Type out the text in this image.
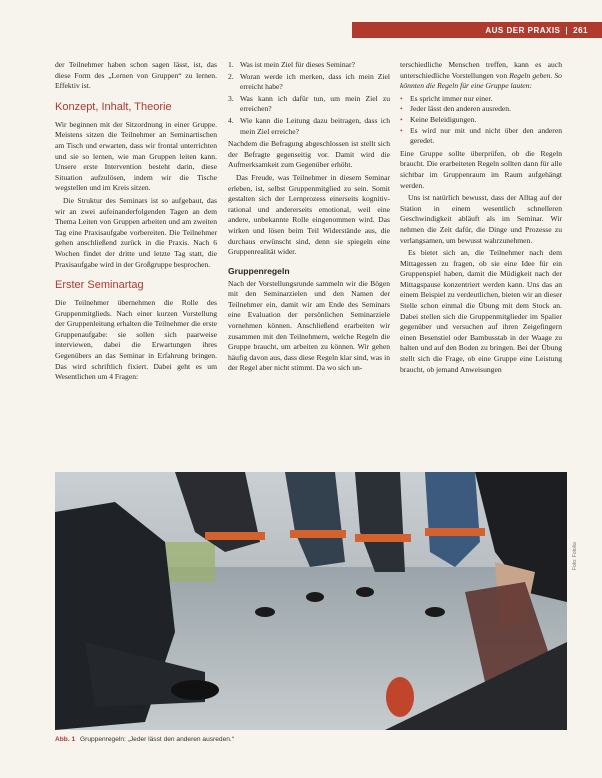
AUS DER PRAXIS | 261

der Teilnehmer haben schon sagen lässt, ist, das diese Form des „Lernen von Gruppen“ zu lernen. Effektiv ist.

Konzept, Inhalt, Theorie

Wir beginnen mit der Sitzordnung in einer Gruppe. Meistens sitzen die Teilnehmer an Seminartischen am Tisch und erwarten, dass wir frontal unterrichten und sie so lernen, wie man Gruppen leiten kann. Unsere erste Intervention besteht darin, diese Situation aufzulösen, indem wir die Tische wegstellen und im Kreis sitzen.

Die Struktur des Seminars ist so aufgebaut, das wir an zwei aufeinanderfolgenden Tagen an dem Thema Leiten von Gruppen arbeiten und am zweiten Tag eine Praxisaufgabe vorbereiten. Die Teilnehmer gehen anschließend zurück in die Praxis. Nach 6 Wochen findet der dritte und letzte Tag statt, die Praxisaufgabe wird in der Großgruppe besprochen.

Erster Seminartag

Die Teilnehmer übernehmen die Rolle des Gruppenmitglieds. Nach einer kurzen Vorstellung der Gruppenleitung erhalten die Teilnehmer die erste Gruppenaufgabe: sie sollen sich paarweise interviewen, dabei die Erwartungen ihres Gegenübers an das Seminar in Erfahrung bringen. Das wird schriftlich fixiert. Dabei geht es um Wesentlichen um 4 Fragen:

1. Was ist mein Ziel für dieses Seminar?
2. Woran werde ich merken, dass ich mein Ziel erreicht habe?
3. Was kann ich dafür tun, um mein Ziel zu erreichen?
4. Wie kann die Leitung dazu beitragen, dass ich mein Ziel erreiche?

Nachdem die Befragung abgeschlossen ist stellt sich der Befragte gegenseitig vor. Damit wird die Aufmerksamkeit zum Gegenüber erhöht.

Das Freude, was Teilnehmer in diesem Seminar erleben, ist, selbst Gruppenmitglied zu sein. Somit gestalten sich der Lernprozess einerseits kognitiv-rational und andererseits emotional, weil eine andere, unbekannte Rolle eingenommen wird. Das wirken und lösen beim Teil Widerstände aus, die durchaus erwünscht sind, denn sie spiegeln eine Gruppenrealität wider.

Gruppenregeln

Nach der Vorstellungsrunde sammeln wir die Bögen mit den Seminarzielen und den Namen der Teilnehmer ein, damit wir am Ende des Seminars eine Evaluation der persönlichen Seminarziele vornehmen können. Anschließend erarbeiten wir zusammen mit den Teilnehmern, welche Regeln die Gruppe braucht, um arbeiten zu können. Wir gehen häufig davon aus, dass diese Regeln klar sind, was in der Regel aber nicht stimmt. Da wo sich un-

terschiedliche Menschen treffen, kann es auch unterschiedliche Vorstellungen von Regeln geben. So könnten die Regeln für eine Gruppe lauten:

• Es spricht immer nur einer.
• Jeder lässt den anderen ausreden.
• Keine Beleidigungen.
• Es wird nur mit und nicht über den anderen geredet.

Eine Gruppe sollte überprüfen, ob die Regeln braucht. Die erarbeiteten Regeln sollten dann für alle sichtbar im Gruppenraum im Raum aufgehängt werden.

Uns ist natürlich bewusst, dass der Alltag auf der Station in einem wesentlich schnelleren Geschwindigkeit abläuft als im Seminar. Wir nehmen die Zeit dafür, die Dinge und Prozesse zu verlangsamen, um bewusst wahrzunehmen.

Es bietet sich an, die Teilnehmer nach dem Mittagessen zu fragen, ob sie eine Idee für ein Gruppenspiel haben, damit die Müdigkeit nach der Mittagspause konzentriert werden kann. Uns das an einem Beispiel zu verdeutlichen, bieten wir an dieser Stelle schon einmal die Übung mit dem Stock an. Dabei stellen sich die Gruppenmitglieder im Spalier gegenüber und versuchen auf ihren Zeigefingern einen Besenstiel oder Bambusstab in der Waage zu halten und auf den Boden zu bringen. Bei der Übung stellt sich die Frage, ob eine Gruppe eine Leistung braucht, ob jemand Anweisungen

Foto: Fotolia
Abb. 1 Gruppenregeln: „Jeder lässt den anderen ausreden.“
